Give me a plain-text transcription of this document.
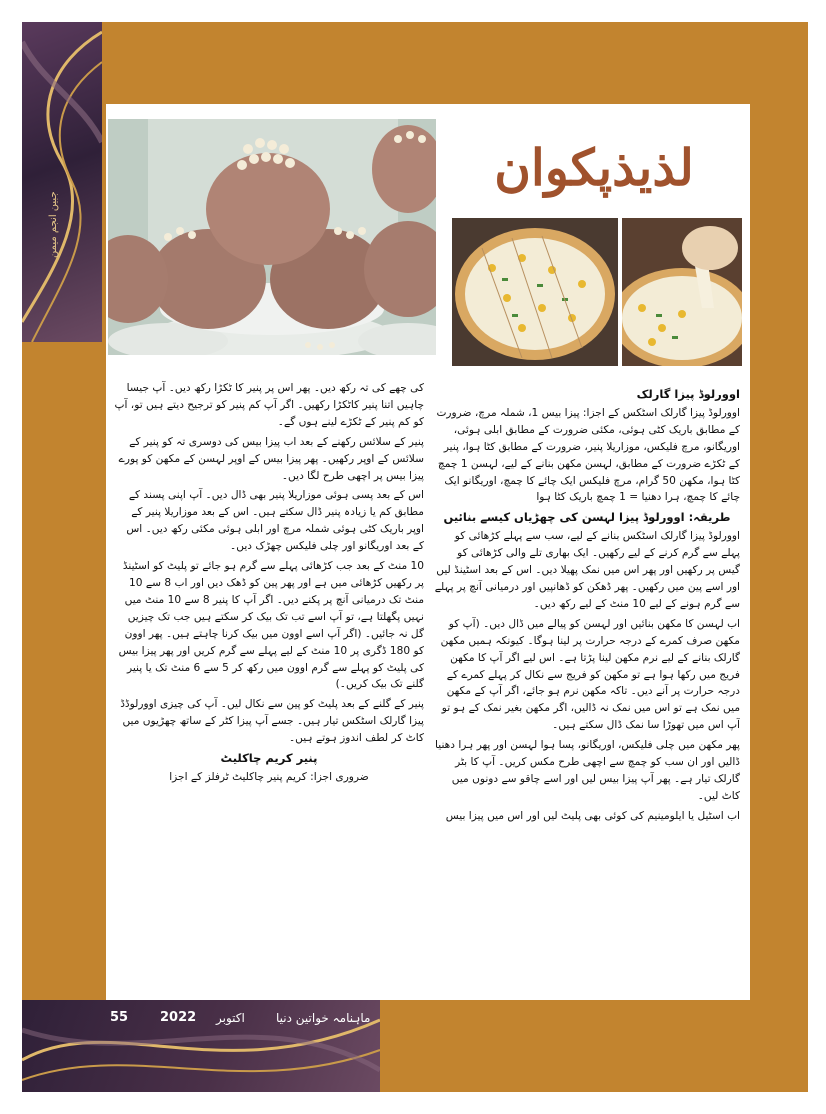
جبین انجم میمن
لذیذپکوان
اوورلوڈ پیزا گارلک

اوورلوڈ پیزا گارلک اسٹکس کے اجزا: پیزا بیس 1، شملہ مرچ، ضرورت کے مطابق باریک کٹی ہوئی، مکئی ضرورت کے مطابق ابلی ہوئی، اوریگانو، مرچ فلیکس، موزاریلا پنیر، ضرورت کے مطابق کٹا ہوا، پنیر کے ٹکڑے ضرورت کے مطابق، لہسن مکھن بنانے کے لیے، لہسن 1 چمچ کٹا ہوا، مکھن 50 گرام، مرچ فلیکس ایک چائے کا چمچ، اوریگانو ایک چائے کا چمچ، ہرا دھنیا = 1 چمچ باریک کٹا ہوا

طریقہ: اوورلوڈ پیزا لہسن کی چھڑیاں کیسے بنائیں

اوورلوڈ پیزا گارلک اسٹکس بنانے کے لیے، سب سے پہلے کڑھائی کو پہلے سے گرم کرنے کے لیے رکھیں۔ ایک بھاری تلے والی کڑھائی کو گیس پر رکھیں اور پھر اس میں نمک پھیلا دیں۔ اس کے بعد اسٹینڈ لیں اور اسے پین میں رکھیں۔ پھر ڈھکن کو ڈھانپیں اور درمیانی آنچ پر پہلے سے گرم ہونے کے لیے 10 منٹ کے لیے رکھ دیں۔

اب لہسن کا مکھن بنائیں اور لہسن کو پیالے میں ڈال دیں۔ (آپ کو مکھن صرف کمرے کے درجہ حرارت پر لینا ہوگا۔ کیونکہ ہمیں مکھن گارلک بنانے کے لیے نرم مکھن لینا پڑتا ہے۔ اس لیے اگر آپ کا مکھن فریج میں رکھا ہوا ہے تو مکھن کو فریج سے نکال کر پہلے کمرے کے درجہ حرارت پر آنے دیں۔ تاکہ مکھن نرم ہو جائے، اگر آپ کے مکھن میں نمک ہے تو اس میں نمک نہ ڈالیں، اگر مکھن بغیر نمک کے ہو تو آپ اس میں تھوڑا سا نمک ڈال سکتے ہیں۔

پھر مکھن میں چلی فلیکس، اوریگانو، پسا ہوا لہسن اور پھر ہرا دھنیا ڈالیں اور ان سب کو چمچ سے اچھی طرح مکس کریں۔ آپ کا بٹر گارلک تیار ہے۔ پھر آپ پیزا بیس لیں اور اسے چاقو سے دونوں میں کاٹ لیں۔

اب اسٹیل یا ایلومینیم کی کوئی بھی پلیٹ لیں اور اس میں پیزا بیس

کی چھے کی تہ رکھ دیں۔ پھر اس پر پنیر کا ٹکڑا رکھ دیں۔ آپ جیسا چاہیں اتنا پنیر کاٹکڑا رکھیں۔ اگر آپ کم پنیر کو ترجیح دیتے ہیں تو، آپ کو کم پنیر کے ٹکڑے لینے ہوں گے۔

پنیر کے سلائس رکھنے کے بعد اب پیزا بیس کی دوسری تہ کو پنیر کے سلائس کے اوپر رکھیں۔ پھر پیزا بیس کے اوپر لہسن کے مکھن کو پورے پیزا بیس پر اچھی طرح لگا دیں۔

اس کے بعد پسی ہوئی موزاریلا پنیر بھی ڈال دیں۔ آپ اپنی پسند کے مطابق کم یا زیادہ پنیر ڈال سکتے ہیں۔ اس کے بعد موزاریلا پنیر کے اوپر باریک کٹی ہوئی شملہ مرچ اور ابلی ہوئی مکئی رکھ دیں۔ اس کے بعد اوریگانو اور چلی فلیکس چھڑک دیں۔

10 منٹ کے بعد جب کڑھائی پہلے سے گرم ہو جائے تو پلیٹ کو اسٹینڈ پر رکھیں کڑھائی میں ہے اور پھر پین کو ڈھک دیں اور اب 8 سے 10 منٹ تک درمیانی آنچ پر پکنے دیں۔ اگر آپ کا پنیر 8 سے 10 منٹ میں نہیں پگھلتا ہے، تو آپ اسے تب تک بیک کر سکتے ہیں جب تک چیزیں گل نہ جائیں۔ (اگر آپ اسے اوون میں بیک کرنا چاہتے ہیں۔ پھر اوون کو 180 ڈگری پر 10 منٹ کے لیے پہلے سے گرم کریں اور پھر پیزا بیس کی پلیٹ کو پہلے سے گرم اوون میں رکھ کر 5 سے 6 منٹ تک یا پنیر گلنے تک بیک کریں۔)

پنیر کے گلنے کے بعد پلیٹ کو پین سے نکال لیں۔ آپ کی چیزی اوورلوڈڈ پیزا گارلک اسٹکس تیار ہیں۔ جسے آپ پیزا کٹر کے ساتھ چھڑیوں میں کاٹ کر لطف اندوز ہوتے ہیں۔

پنیر کریم چاکلیٹ

ضروری اجزا: کریم پنیر چاکلیٹ ٹرفلز کے اجزا

55 2022 اکتوبر	ماہنامہ خواتین دنیا
